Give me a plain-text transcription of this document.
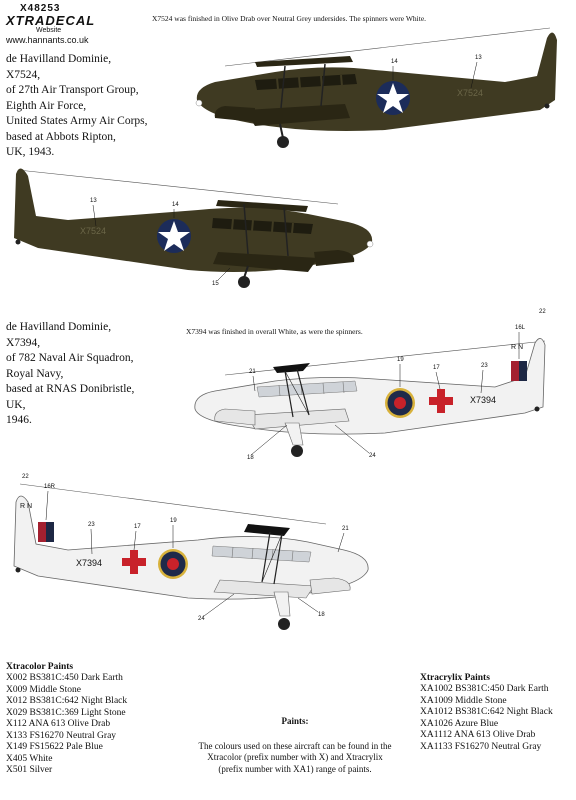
X48253
XTRADECAL
Website
www.hannants.co.uk
X7524 was finished in Olive Drab over Neutral Grey undersides. The spinners were White.
de Havilland Dominie,
X7524,
of 27th Air Transport Group,
Eighth Air Force,
United States Army Air Corps,
based at Abbots Ripton,
UK, 1943.
X7524
14
13
X7524
13
14
15
de Havilland Dominie,
X7394,
of 782 Naval Air Squadron,
Royal Navy,
based at RNAS Donibristle,
UK,
1946.
X7394 was finished in overall White, as were the spinners.
R N
X7394
22
16L
19
17	23
21
18	24
R N
X7394
22
16R
23	17
19
21
24
18
Xtracolor Paints
X002 BS381C:450 Dark Earth
X009 Middle Stone
X012 BS381C:642 Night Black
X029 BS381C:369 Light Stone
X112 ANA 613 Olive Drab
X133 FS16270 Neutral Gray
X149 FS15622 Pale Blue
X405 White
X501 Silver
Paints:
The colours used on these aircraft can be found in the
Xtracolor (prefix number with X) and Xtracrylix
(prefix number with XA1) range of paints.
Xtracrylix Paints
XA1002 BS381C:450 Dark Earth
XA1009 Middle Stone
XA1012 BS381C:642 Night Black
XA1026 Azure Blue
XA1112 ANA 613 Olive Drab
XA1133 FS16270 Neutral Gray
